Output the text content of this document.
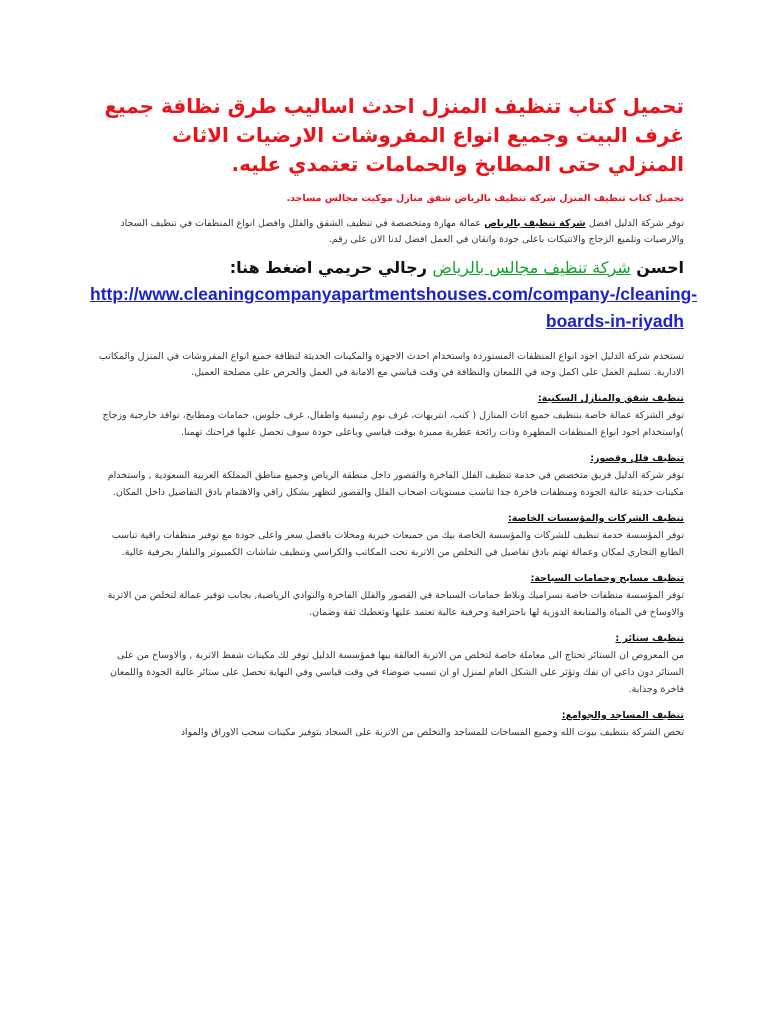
تحميل كتاب تنظيف المنزل احدث اساليب طرق نظافة جميع غرف البيت وجميع انواع المفروشات الارضيات الاثاث المنزلي حتى المطابخ والحمامات تعتمدي عليه.

تحميل كتاب تنظيف المنزل شركة تنظيف بالرياض شقق منازل موكيت مجالس مساجد.

توفر شركة الدليل افضل شركة تنظيف بالرياض عمالة مهارة ومتخصصة في تنظيف الشقق والفلل وافضل انواع المنظفات في تنظيف السجاد والارضيات وتلميع الزجاج والانتيكات باعلى جودة واتقان في العمل افضل لدنا الان على رقم.

احسن شركة تنظيف مجالس بالرياض رجالي حريمي اضغط هنا:

http://www.cleaningcompanyapartmentshouses.com/company-/cleaning-boards-in-riyadh

تستخدم شركة الدليل اجود انواع المنظفات المستوردة واستخدام احدث الاجهزة والمكينات الحديثة لنظافة جميع انواع المفروشات في المنزل والمكاتب الادارية. تسليم العمل على اكمل وجه في اللمعان والنظافة في وقت قياسي مع الامانة في العمل والحرص على مصلحة العميل.

تنظيف شقق والمنازل السكنية:

توفر الشركة عمالة خاصة بتنظيف جميع اثاث المنازل ( كنب، انتريهات، غرف نوم رئيسية واطفال، غرف جلوس، حمامات ومطابخ، نوافذ خارجية وزجاج )واستخدام اجود انواع المنظفات المطهرة وذات رائحة عطرية مميزة بوقت قياسي وباعلى جودة سوف تحصل عليها فراحتك تهمنا.

تنظيف فلل وقصور:

توفر شركة الدليل فريق متخصص في خدمة تنظيف الفلل الفاخرة والقصور داخل منطقة الرياض وجميع مناطق المملكة العربية السعودية , واستخدام مكينات حديثة عالية الجودة ومنظفات فاخرة جدا تناسب مستويات اصحاب الفلل والقصور لتظهر بشكل راقي والاهتمام بادق التفاصيل داخل المكان.

تنظيف الشركات والمؤسسات الخاصة:

توفر المؤسسة خدمة تنظيف للشركات والمؤسسة الخاصة بيك من جميعات خيرية ومحلات باقضل سعر واعلى جودة مع توفير منظفات راقية تناسب الطابع التجاري لمكان وعمالة تهتم بادق تفاصيل في التخلص من الاتربة تحت المكاتب والكراسي وتنظيف شاشات الكمبيوتر والتلفاز بحرفية عالية.

تنظيف مسابح وحمامات السباحة:

توفر المؤسسة منظفات خاصة بسراميك وبلاط حمامات السباحة في القصور والفلل الفاخرة والنوادي الرياضية, بجانب توفير عمالة لتخلص من الاتربة والاوساخ في المياه والمتابعة الدورية لها باحترافية وحرفية عالية تعتمد عليها وتعطيك ثقة وضمان.

تنظيف ستائر :

من المعروض ان الستائر تحتاج الى معاملة خاصة لتخلص من الاتربة العالقة بيها فمؤسسة الدليل توفر لك مكينات شفط الاتربة , والاوساخ من على الستائر دون داعي ان تفك وتؤثر على الشكل العام لمنزل او ان تسبب ضوضاء في وقت قياسي وفي النهاية تحصل على ستائر عالية الجودة واللمعان فاخرة وجذابة.

تنظيف المساجد والجوامع:

تخص الشركة بتنظيف بيوت الله وجميع المساحات للمساجد والتخلص من الاتربة على السجاد بتوفير مكينات سحب الاوراق والمواد
